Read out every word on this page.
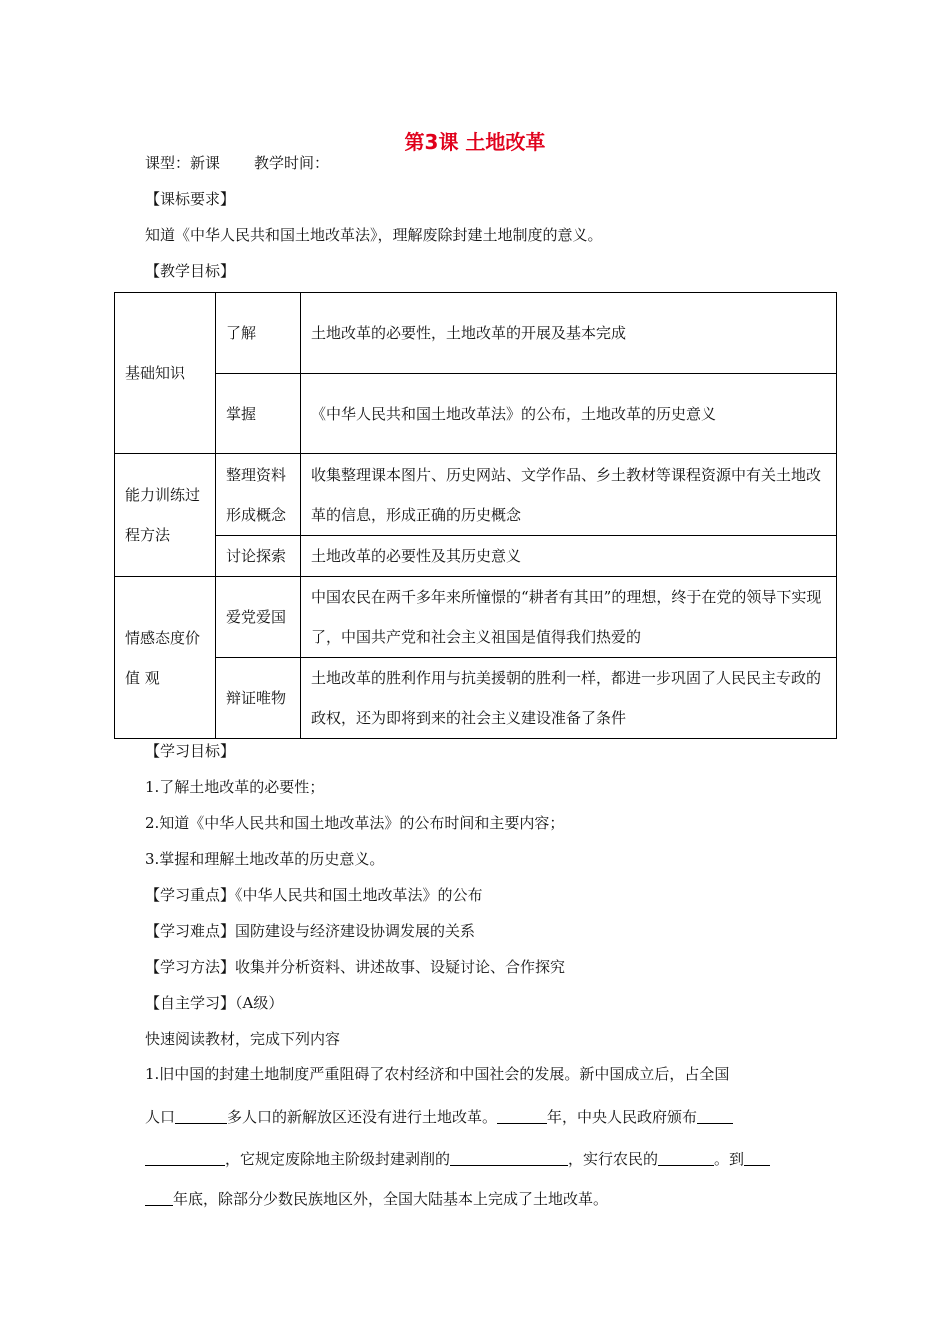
第3课 土地改革
课型：新课 教学时间：
【课标要求】
知道《中华人民共和国土地改革法》，理解废除封建土地制度的意义。
【教学目标】
基础知识	了解	土地改革的必要性，土地改革的开展及基本完成
	掌握	《中华人民共和国土地改革法》的公布，土地改革的历史意义
能力训练过程方法	整理资料形成概念	收集整理课本图片、历史网站、文学作品、乡土教材等课程资源中有关土地改革的信息，形成正确的历史概念
	讨论探索	土地改革的必要性及其历史意义
情感态度价值 观	爱党爱国	中国农民在两千多年来所憧憬的“耕者有其田”的理想，终于在党的领导下实现了，中国共产党和社会主义祖国是值得我们热爱的
	辩证唯物	土地改革的胜利作用与抗美援朝的胜利一样，都进一步巩固了人民民主专政的政权，还为即将到来的社会主义建设准备了条件
【学习目标】
1.了解土地改革的必要性；
2.知道《中华人民共和国土地改革法》的公布时间和主要内容；
3.掌握和理解土地改革的历史意义。
【学习重点】《中华人民共和国土地改革法》的公布
【学习难点】国防建设与经济建设协调发展的关系
【学习方法】收集并分析资料、讲述故事、设疑讨论、合作探究
【自主学习】（A级）
快速阅读教材，完成下列内容
1.旧中国的封建土地制度严重阻碍了农村经济和中国社会的发展。新中国成立后，占全国
人口	多人口的新解放区还没有进行土地改革。	年，中央人民政府颁布
，它规定废除地主阶级封建剥削的	，实行农民的	。到
年底，除部分少数民族地区外，全国大陆基本上完成了土地改革。
